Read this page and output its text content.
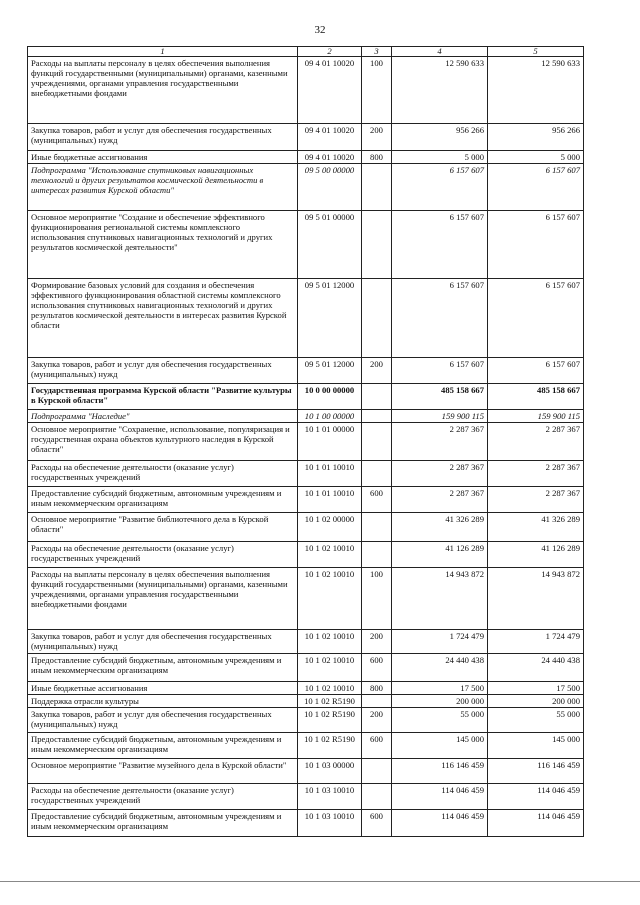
32
1	2	3	4	5
Расходы на выплаты персоналу в целях обеспечения выполнения функций государственными (муниципальными) органами, казенными учреждениями, органами управления государственными внебюджетными фондами	09 4 01 10020	100	12 590 633	12 590 633
Закупка товаров, работ и услуг для обеспечения государственных (муниципальных) нужд	09 4 01 10020	200	956 266	956 266
Иные бюджетные ассигнования	09 4 01 10020	800	5 000	5 000
Подпрограмма "Использование спутниковых навигационных технологий и других результатов космической деятельности в интересах развития Курской области"	09 5 00 00000		6 157 607	6 157 607
Основное мероприятие "Создание и обеспечение эффективного функционирования региональной системы комплексного использования спутниковых навигационных технологий и других результатов космической деятельности"	09 5 01 00000		6 157 607	6 157 607
Формирование базовых условий для создания и обеспечения эффективного функционирования областной системы комплексного использования спутниковых навигационных технологий и других результатов космической деятельности в интересах развития Курской области	09 5 01 12000		6 157 607	6 157 607
Закупка товаров, работ и услуг для обеспечения государственных (муниципальных) нужд	09 5 01 12000	200	6 157 607	6 157 607
Государственная программа Курской области "Развитие культуры в Курской области"	10 0 00 00000		485 158 667	485 158 667
Подпрограмма "Наследие"	10 1 00 00000		159 900 115	159 900 115
Основное мероприятие "Сохранение, использование, популяризация и государственная охрана объектов культурного наследия в Курской области"	10 1 01 00000		2 287 367	2 287 367
Расходы на обеспечение деятельности (оказание услуг) государственных учреждений	10 1 01 10010		2 287 367	2 287 367
Предоставление субсидий бюджетным, автономным учреждениям и иным некоммерческим организациям	10 1 01 10010	600	2 287 367	2 287 367
Основное мероприятие "Развитие библиотечного дела в Курской области"	10 1 02 00000		41 326 289	41 326 289
Расходы на обеспечение деятельности (оказание услуг) государственных учреждений	10 1 02 10010		41 126 289	41 126 289
Расходы на выплаты персоналу в целях обеспечения выполнения функций государственными (муниципальными) органами, казенными учреждениями, органами управления государственными внебюджетными фондами	10 1 02 10010	100	14 943 872	14 943 872
Закупка товаров, работ и услуг для обеспечения государственных (муниципальных) нужд	10 1 02 10010	200	1 724 479	1 724 479
Предоставление субсидий бюджетным, автономным учреждениям и иным некоммерческим организациям	10 1 02 10010	600	24 440 438	24 440 438
Иные бюджетные ассигнования	10 1 02 10010	800	17 500	17 500
Поддержка отрасли культуры	10 1 02 R5190		200 000	200 000
Закупка товаров, работ и услуг для обеспечения государственных (муниципальных) нужд	10 1 02 R5190	200	55 000	55 000
Предоставление субсидий бюджетным, автономным учреждениям и иным некоммерческим организациям	10 1 02 R5190	600	145 000	145 000
Основное мероприятие "Развитие музейного дела в Курской области"	10 1 03 00000		116 146 459	116 146 459
Расходы на обеспечение деятельности (оказание услуг) государственных учреждений	10 1 03 10010		114 046 459	114 046 459
Предоставление субсидий бюджетным, автономным учреждениям и иным некоммерческим организациям	10 1 03 10010	600	114 046 459	114 046 459
